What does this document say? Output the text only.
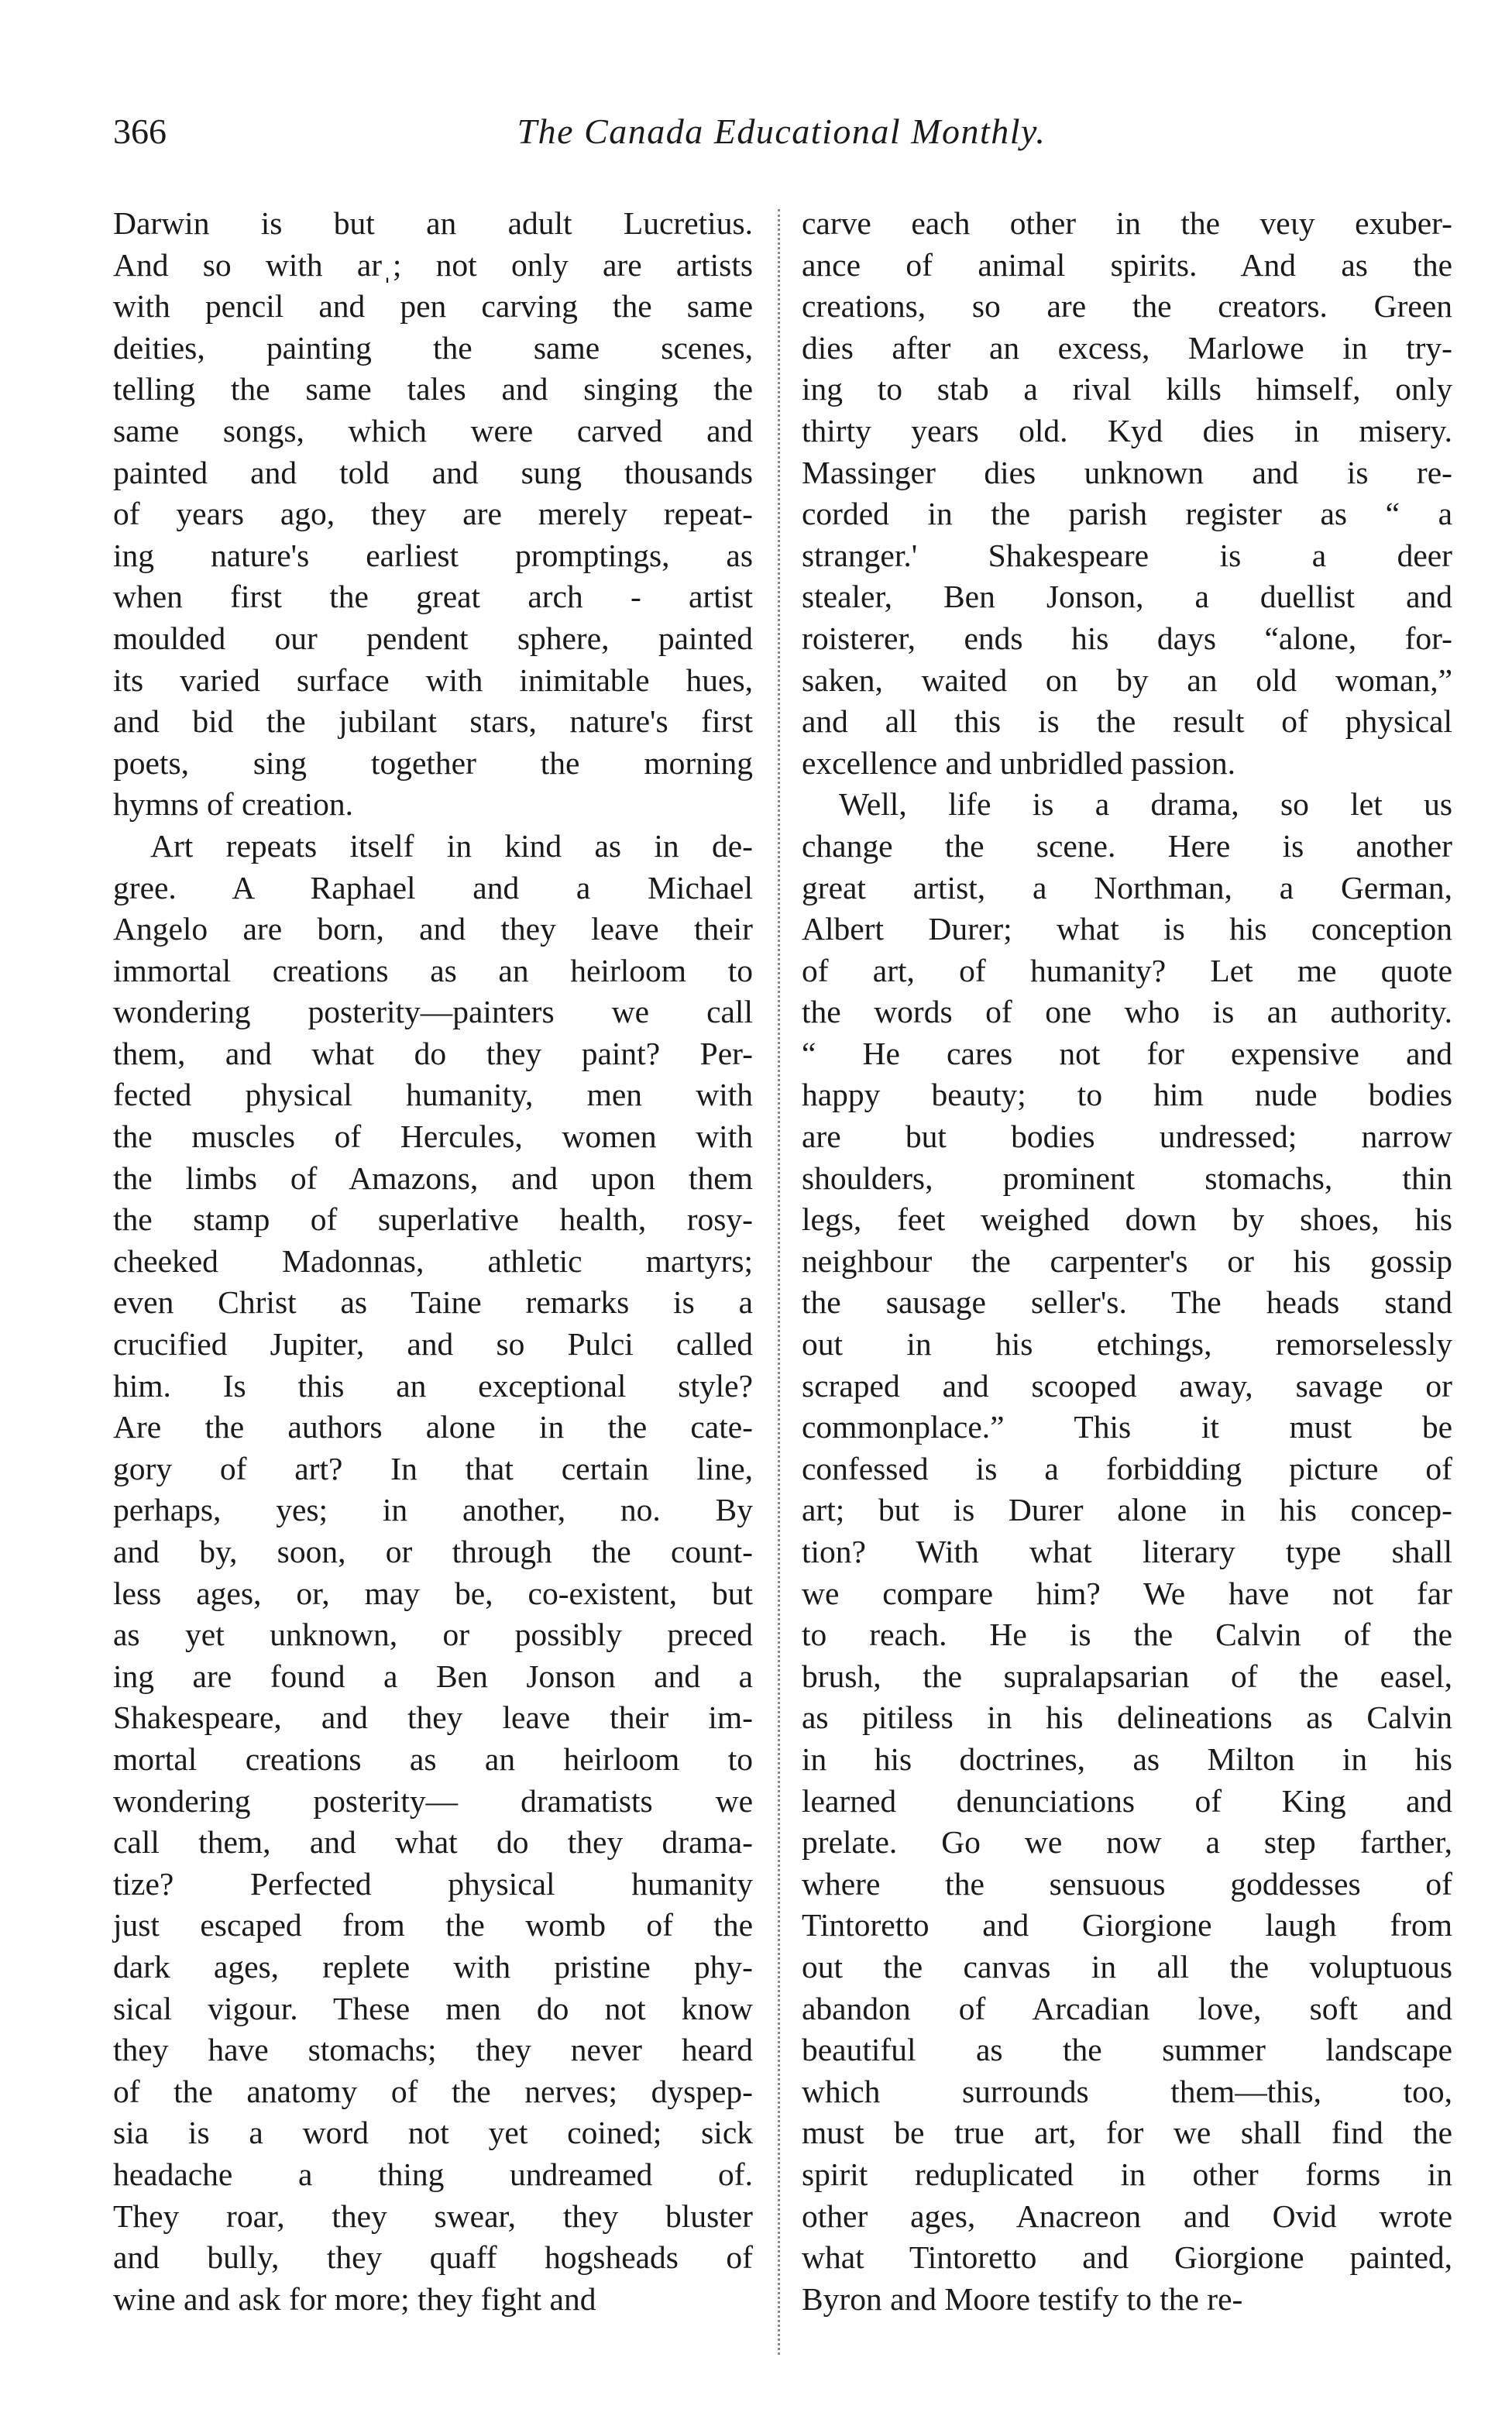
366	The Canada Educational Monthly.
Darwin is but an adult Lucretius.
And so with arˌ; not only are artists
with pencil and pen carving the same
deities, painting the same scenes,
telling the same tales and singing the
same songs, which were carved and
painted and told and sung thousands
of years ago, they are merely repeat-
ing nature's earliest promptings, as
when first the great arch - artist
moulded our pendent sphere, painted
its varied surface with inimitable hues,
and bid the jubilant stars, nature's first
poets, sing together the morning
hymns of creation.
Art repeats itself in kind as in de-
gree. A Raphael and a Michael
Angelo are born, and they leave their
immortal creations as an heirloom to
wondering posterity—painters we call
them, and what do they paint? Per-
fected physical humanity, men with
the muscles of Hercules, women with
the limbs of Amazons, and upon them
the stamp of superlative health, rosy-
cheeked Madonnas, athletic martyrs;
even Christ as Taine remarks is a
crucified Jupiter, and so Pulci called
him. Is this an exceptional style?
Are the authors alone in the cate-
gory of art? In that certain line,
perhaps, yes; in another, no. By
and by, soon, or through the count-
less ages, or, may be, co-existent, but
as yet unknown, or possibly preced
ing are found a Ben Jonson and a
Shakespeare, and they leave their im-
mortal creations as an heirloom to
wondering posterity— dramatists we
call them, and what do they drama-
tize? Perfected physical humanity
just escaped from the womb of the
dark ages, replete with pristine phy-
sical vigour. These men do not know
they have stomachs; they never heard
of the anatomy of the nerves; dyspep-
sia is a word not yet coined; sick
headache a thing undreamed of.
They roar, they swear, they bluster
and bully, they quaff hogsheads of
wine and ask for more; they fight and
carve each other in the veɩy exuber-
ance of animal spirits. And as the
creations, so are the creators. Green
dies after an excess, Marlowe in try-
ing to stab a rival kills himself, only
thirty years old. Kyd dies in misery.
Massinger dies unknown and is re-
corded in the parish register as “ a
stranger.' Shakespeare is a deer
stealer, Ben Jonson, a duellist and
roisterer, ends his days “alone, for-
saken, waited on by an old woman,”
and all this is the result of physical
excellence and unbridled passion.
Well, life is a drama, so let us
change the scene. Here is another
great artist, a Northman, a German,
Albert Durer; what is his conception
of art, of humanity? Let me quote
the words of one who is an authority.
“ He cares not for expensive and
happy beauty; to him nude bodies
are but bodies undressed; narrow
shoulders, prominent stomachs, thin
legs, feet weighed down by shoes, his
neighbour the carpenter's or his gossip
the sausage seller's. The heads stand
out in his etchings, remorselessly
scraped and scooped away, savage or
commonplace.” This it must be
confessed is a forbidding picture of
art; but is Durer alone in his concep-
tion? With what literary type shall
we compare him? We have not far
to reach. He is the Calvin of the
brush, the supralapsarian of the easel,
as pitiless in his delineations as Calvin
in his doctrines, as Milton in his
learned denunciations of King and
prelate. Go we now a step farther,
where the sensuous goddesses of
Tintoretto and Giorgione laugh from
out the canvas in all the voluptuous
abandon of Arcadian love, soft and
beautiful as the summer landscape
which surrounds them—this, too,
must be true art, for we shall find the
spirit reduplicated in other forms in
other ages, Anacreon and Ovid wrote
what Tintoretto and Giorgione painted,
Byron and Moore testify to the re-
